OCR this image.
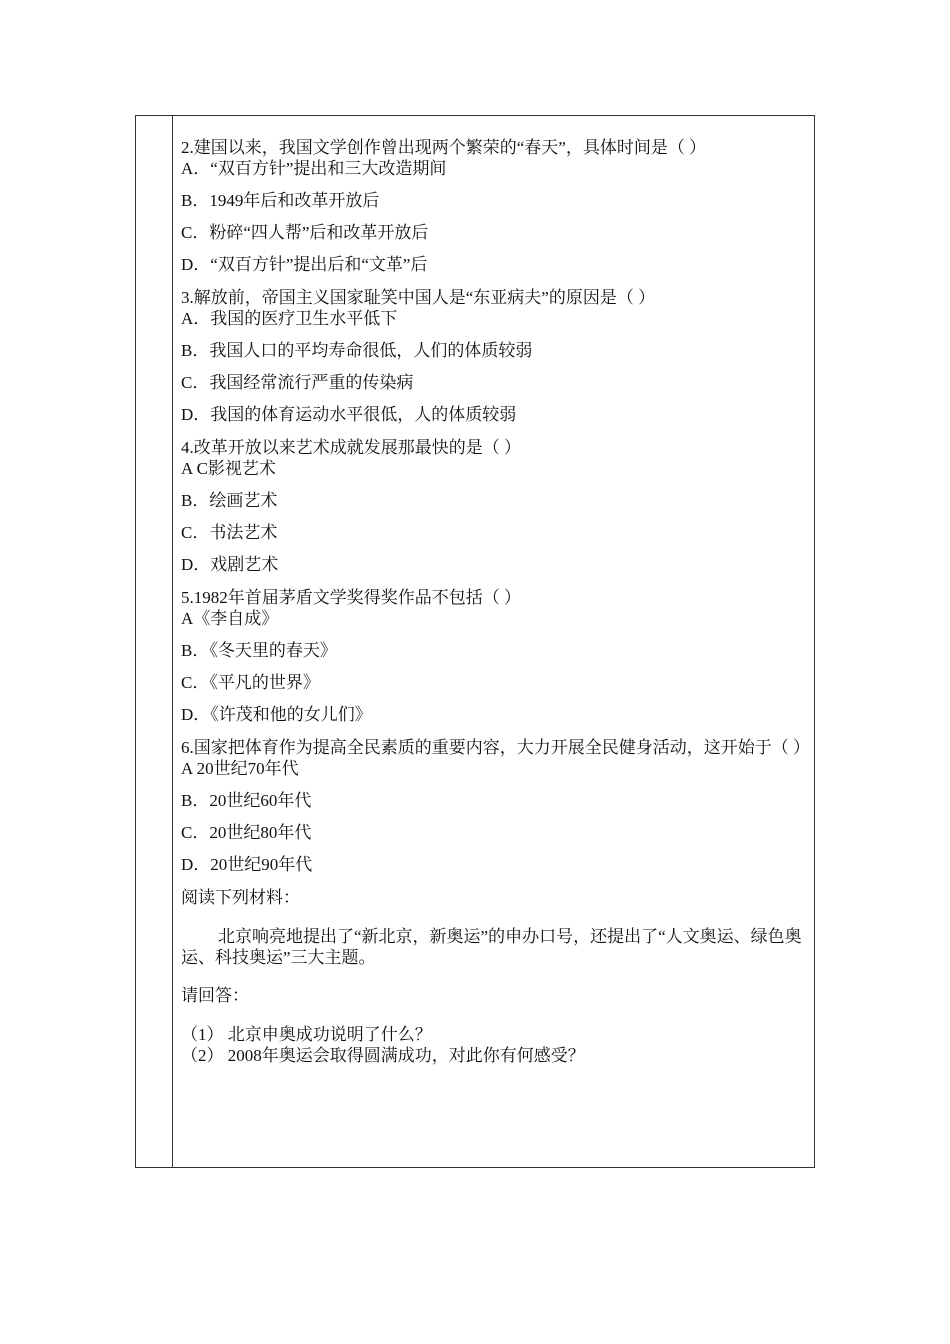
2.建国以来，我国文学创作曾出现两个繁荣的“春天”，具体时间是（ ）

A．“双百方针”提出和三大改造期间

B．1949年后和改革开放后

C．粉碎“四人帮”后和改革开放后

D．“双百方针”提出后和“文革”后

3.解放前，帝国主义国家耻笑中国人是“东亚病夫”的原因是（ ）

A．我国的医疗卫生水平低下

B．我国人口的平均寿命很低，人们的体质较弱

C．我国经常流行严重的传染病

D．我国的体育运动水平很低，人的体质较弱

4.改革开放以来艺术成就发展那最快的是（ ）

A C影视艺术

B．绘画艺术

C．书法艺术

D．戏剧艺术

5.1982年首届茅盾文学奖得奖作品不包括（ ）

A《李自成》

B．《冬天里的春天》

C．《平凡的世界》

D．《许茂和他的女儿们》

6.国家把体育作为提高全民素质的重要内容，大力开展全民健身活动，这开始于（ ）

A 20世纪70年代

B．20世纪60年代

C．20世纪80年代

D．20世纪90年代

阅读下列材料：

北京响亮地提出了“新北京，新奥运”的申办口号，还提出了“人文奥运、绿色奥运、科技奥运”三大主题。

请回答：

（1） 北京申奥成功说明了什么？

（2） 2008年奥运会取得圆满成功，对此你有何感受？
